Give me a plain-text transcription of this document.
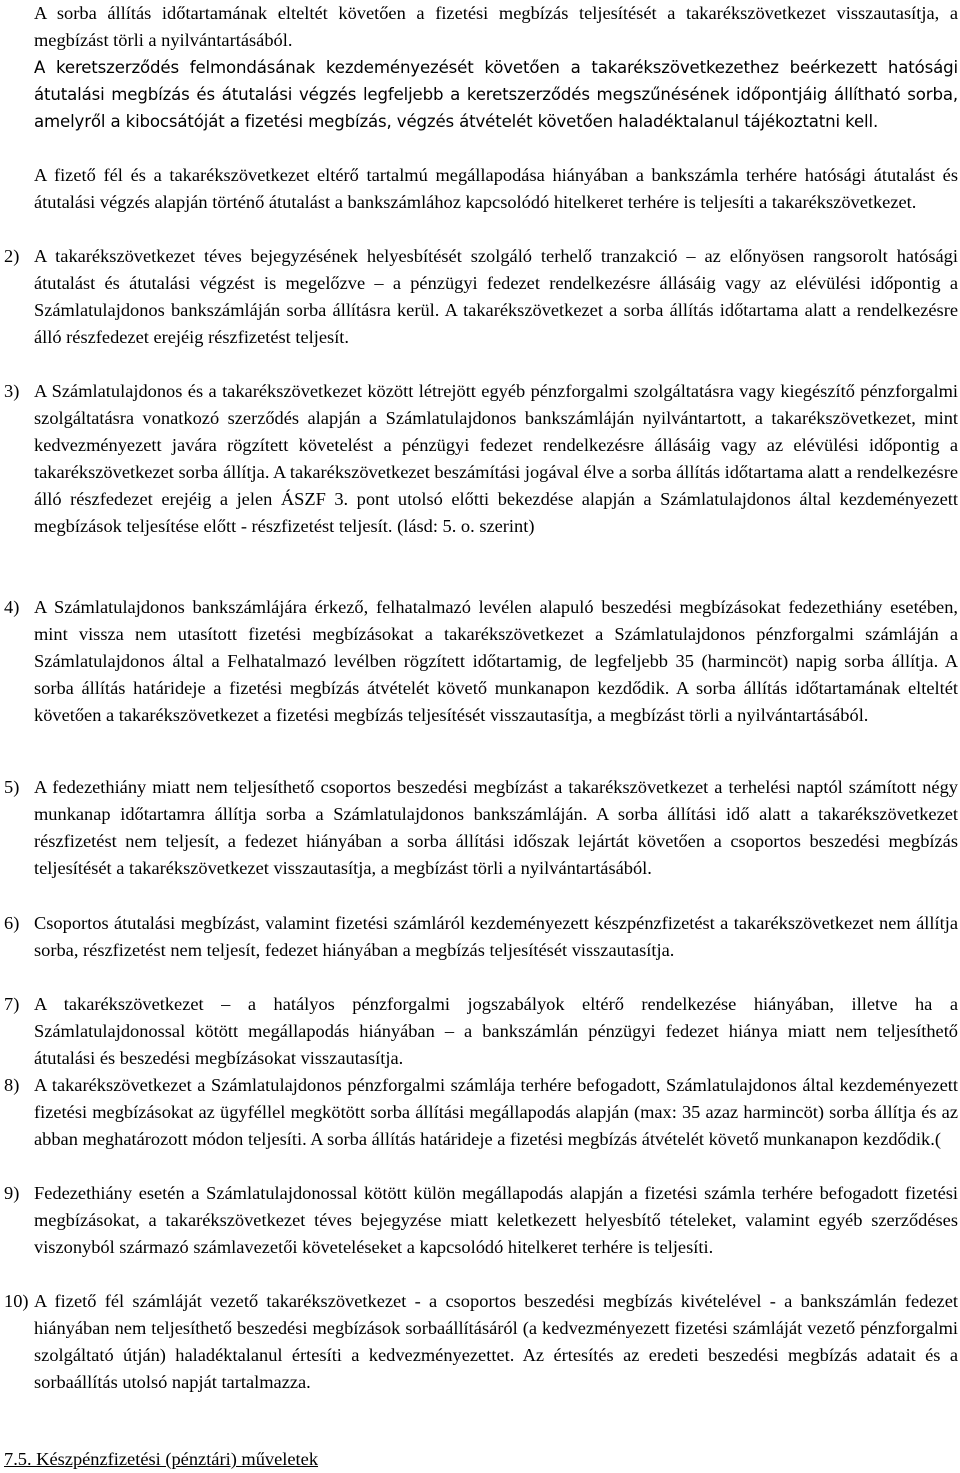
A sorba állítás időtartamának elteltét követően a fizetési megbízás teljesítését a takarékszövetkezet visszautasítja, a megbízást törli a nyilvántartásából.

A keretszerződés felmondásának kezdeményezését követően a takarékszövetkezethez beérkezett hatósági átutalási megbízás és átutalási végzés legfeljebb a keretszerződés megszűnésének időpontjáig állítható sorba, amelyről a kibocsátóját a fizetési megbízás, végzés átvételét követően haladéktalanul tájékoztatni kell.

A fizető fél és a takarékszövetkezet eltérő tartalmú megállapodása hiányában a bankszámla terhére hatósági átutalást és átutalási végzés alapján történő átutalást a bankszámlához kapcsolódó hitelkeret terhére is teljesíti a takarékszövetkezet.

2) A takarékszövetkezet téves bejegyzésének helyesbítését szolgáló terhelő tranzakció – az előnyösen rangsorolt hatósági átutalást és átutalási végzést is megelőzve – a pénzügyi fedezet rendelkezésre állásáig vagy az elévülési időpontig a Számlatulajdonos bankszámláján sorba állításra kerül. A takarékszövetkezet a sorba állítás időtartama alatt a rendelkezésre álló részfedezet erejéig részfizetést teljesít.
3) A Számlatulajdonos és a takarékszövetkezet között létrejött egyéb pénzforgalmi szolgáltatásra vagy kiegészítő pénzforgalmi szolgáltatásra vonatkozó szerződés alapján a Számlatulajdonos bankszámláján nyilvántartott, a takarékszövetkezet, mint kedvezményezett javára rögzített követelést a pénzügyi fedezet rendelkezésre állásáig vagy az elévülési időpontig a takarékszövetkezet sorba állítja. A takarékszövetkezet beszámítási jogával élve a sorba állítás időtartama alatt a rendelkezésre álló részfedezet erejéig a jelen ÁSZF 3. pont utolsó előtti bekezdése alapján a Számlatulajdonos által kezdeményezett megbízások teljesítése előtt - részfizetést teljesít. (lásd: 5. o. szerint)
4) A Számlatulajdonos bankszámlájára érkező, felhatalmazó levélen alapuló beszedési megbízásokat fedezethiány esetében, mint vissza nem utasított fizetési megbízásokat a takarékszövetkezet a Számlatulajdonos pénzforgalmi számláján a Számlatulajdonos által a Felhatalmazó levélben rögzített időtartamig, de legfeljebb 35 (harmincöt) napig sorba állítja. A sorba állítás határideje a fizetési megbízás átvételét követő munkanapon kezdődik. A sorba állítás időtartamának elteltét követően a takarékszövetkezet a fizetési megbízás teljesítését visszautasítja, a megbízást törli a nyilvántartásából.
5) A fedezethiány miatt nem teljesíthető csoportos beszedési megbízást a takarékszövetkezet a terhelési naptól számított négy munkanap időtartamra állítja sorba a Számlatulajdonos bankszámláján. A sorba állítási idő alatt a takarékszövetkezet részfizetést nem teljesít, a fedezet hiányában a sorba állítási időszak lejártát követően a csoportos beszedési megbízás teljesítését a takarékszövetkezet visszautasítja, a megbízást törli a nyilvántartásából.
6) Csoportos átutalási megbízást, valamint fizetési számláról kezdeményezett készpénzfizetést a takarékszövetkezet nem állítja sorba, részfizetést nem teljesít, fedezet hiányában a megbízás teljesítését visszautasítja.
7) A takarékszövetkezet – a hatályos pénzforgalmi jogszabályok eltérő rendelkezése hiányában, illetve ha a Számlatulajdonossal kötött megállapodás hiányában – a bankszámlán pénzügyi fedezet hiánya miatt nem teljesíthető átutalási és beszedési megbízásokat visszautasítja.
8) A takarékszövetkezet a Számlatulajdonos pénzforgalmi számlája terhére befogadott, Számlatulajdonos által kezdeményezett fizetési megbízásokat az ügyféllel megkötött sorba állítási megállapodás alapján (max: 35 azaz harmincöt) sorba állítja és az abban meghatározott módon teljesíti. A sorba állítás határideje a fizetési megbízás átvételét követő munkanapon kezdődik.(
9) Fedezethiány esetén a Számlatulajdonossal kötött külön megállapodás alapján a fizetési számla terhére befogadott fizetési megbízásokat, a takarékszövetkezet téves bejegyzése miatt keletkezett helyesbítő tételeket, valamint egyéb szerződéses viszonyból származó számlavezetői követeléseket a kapcsolódó hitelkeret terhére is teljesíti.
10) A fizető fél számláját vezető takarékszövetkezet - a csoportos beszedési megbízás kivételével - a bankszámlán fedezet hiányában nem teljesíthető beszedési megbízások sorbaállításáról (a kedvezményezett fizetési számláját vezető pénzforgalmi szolgáltató útján) haladéktalanul értesíti a kedvezményezettet. Az értesítés az eredeti beszedési megbízás adatait és a sorbaállítás utolsó napját tartalmazza.
7.5. Készpénzfizetési (pénztári) műveletek
